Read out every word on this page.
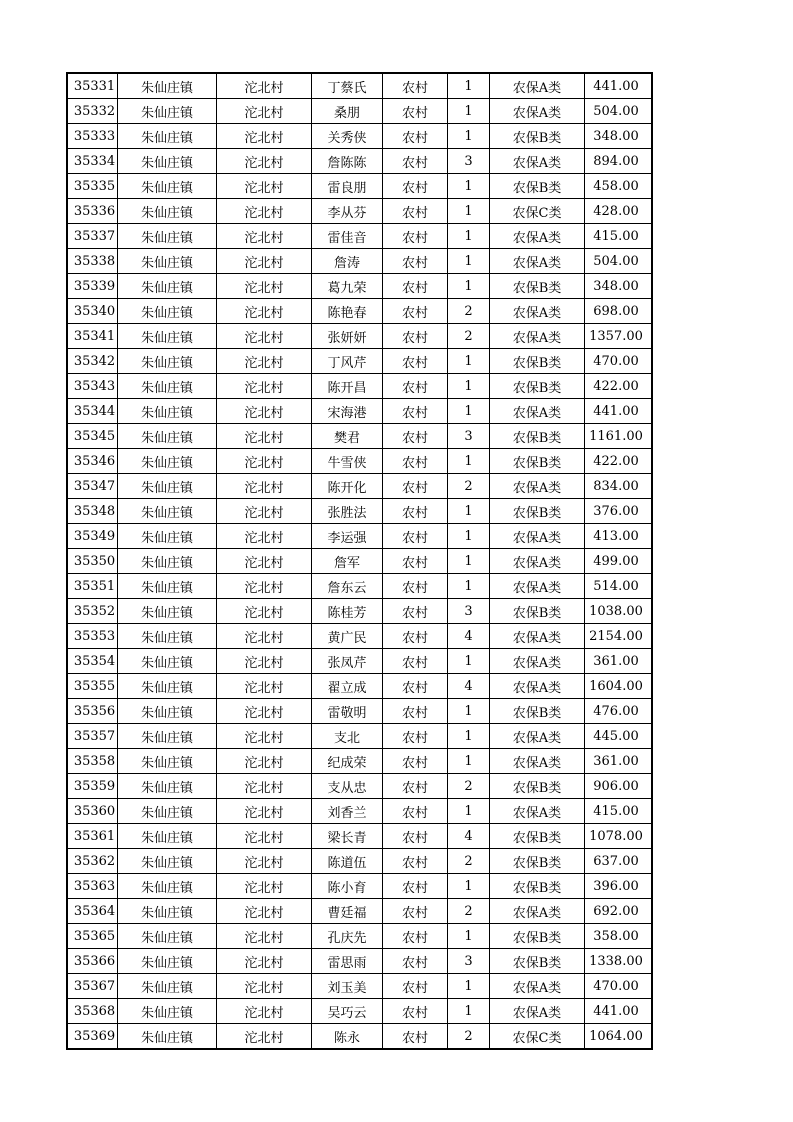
35331	朱仙庄镇	沱北村	丁蔡氏	农村	1	农保A类	441.00
35332	朱仙庄镇	沱北村	桑朋	农村	1	农保A类	504.00
35333	朱仙庄镇	沱北村	关秀侠	农村	1	农保B类	348.00
35334	朱仙庄镇	沱北村	詹陈陈	农村	3	农保A类	894.00
35335	朱仙庄镇	沱北村	雷良朋	农村	1	农保B类	458.00
35336	朱仙庄镇	沱北村	李从芬	农村	1	农保C类	428.00
35337	朱仙庄镇	沱北村	雷佳音	农村	1	农保A类	415.00
35338	朱仙庄镇	沱北村	詹涛	农村	1	农保A类	504.00
35339	朱仙庄镇	沱北村	葛九荣	农村	1	农保B类	348.00
35340	朱仙庄镇	沱北村	陈艳春	农村	2	农保A类	698.00
35341	朱仙庄镇	沱北村	张妍妍	农村	2	农保A类	1357.00
35342	朱仙庄镇	沱北村	丁风芹	农村	1	农保B类	470.00
35343	朱仙庄镇	沱北村	陈开昌	农村	1	农保B类	422.00
35344	朱仙庄镇	沱北村	宋海港	农村	1	农保A类	441.00
35345	朱仙庄镇	沱北村	樊君	农村	3	农保B类	1161.00
35346	朱仙庄镇	沱北村	牛雪侠	农村	1	农保B类	422.00
35347	朱仙庄镇	沱北村	陈开化	农村	2	农保A类	834.00
35348	朱仙庄镇	沱北村	张胜法	农村	1	农保B类	376.00
35349	朱仙庄镇	沱北村	李运强	农村	1	农保A类	413.00
35350	朱仙庄镇	沱北村	詹军	农村	1	农保A类	499.00
35351	朱仙庄镇	沱北村	詹东云	农村	1	农保A类	514.00
35352	朱仙庄镇	沱北村	陈桂芳	农村	3	农保B类	1038.00
35353	朱仙庄镇	沱北村	黄广民	农村	4	农保A类	2154.00
35354	朱仙庄镇	沱北村	张凤芹	农村	1	农保A类	361.00
35355	朱仙庄镇	沱北村	翟立成	农村	4	农保A类	1604.00
35356	朱仙庄镇	沱北村	雷敬明	农村	1	农保B类	476.00
35357	朱仙庄镇	沱北村	支北	农村	1	农保A类	445.00
35358	朱仙庄镇	沱北村	纪成荣	农村	1	农保A类	361.00
35359	朱仙庄镇	沱北村	支从忠	农村	2	农保B类	906.00
35360	朱仙庄镇	沱北村	刘香兰	农村	1	农保A类	415.00
35361	朱仙庄镇	沱北村	梁长青	农村	4	农保B类	1078.00
35362	朱仙庄镇	沱北村	陈道伍	农村	2	农保B类	637.00
35363	朱仙庄镇	沱北村	陈小育	农村	1	农保B类	396.00
35364	朱仙庄镇	沱北村	曹廷福	农村	2	农保A类	692.00
35365	朱仙庄镇	沱北村	孔庆先	农村	1	农保B类	358.00
35366	朱仙庄镇	沱北村	雷思雨	农村	3	农保B类	1338.00
35367	朱仙庄镇	沱北村	刘玉美	农村	1	农保A类	470.00
35368	朱仙庄镇	沱北村	吴巧云	农村	1	农保A类	441.00
35369	朱仙庄镇	沱北村	陈永	农村	2	农保C类	1064.00
